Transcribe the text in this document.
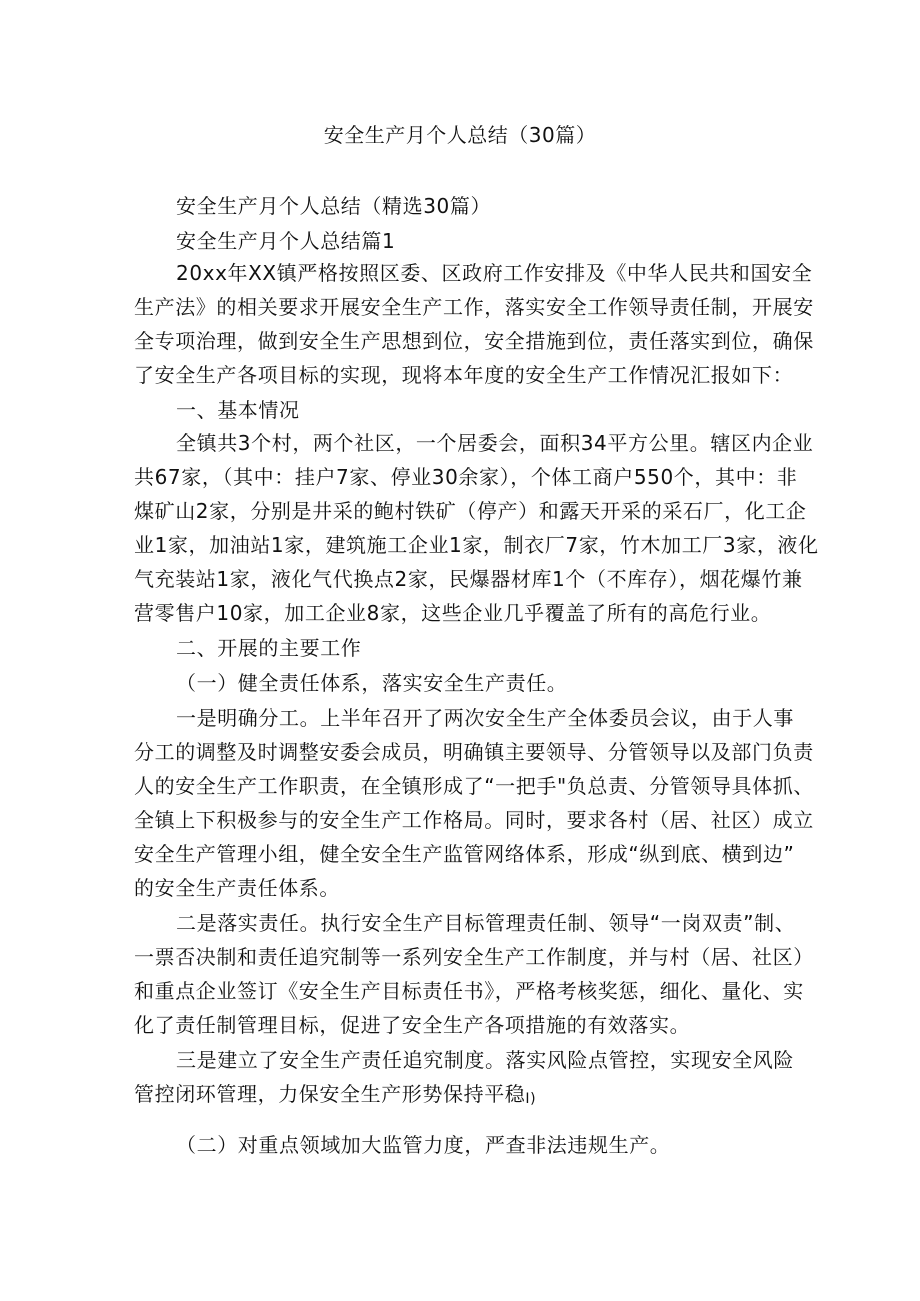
安全生产月个人总结（30篇）
安全生产月个人总结（精选30篇）
安全生产月个人总结篇1
20xx年XX镇严格按照区委、区政府工作安排及《中华人民共和国安全
生产法》的相关要求开展安全生产工作，落实安全工作领导责任制，开展安
全专项治理，做到安全生产思想到位，安全措施到位，责任落实到位，确保
了安全生产各项目标的实现，现将本年度的安全生产工作情况汇报如下：
一、基本情况
全镇共3个村，两个社区，一个居委会，面积34平方公里。辖区内企业
共67家，（其中：挂户7家、停业30余家），个体工商户550个，其中：非
煤矿山2家，分别是井采的鲍村铁矿（停产）和露天开采的采石厂，化工企
业1家，加油站1家，建筑施工企业1家，制衣厂7家，竹木加工厂3家，液化
气充装站1家，液化气代换点2家，民爆器材库1个（不库存），烟花爆竹兼
营零售户10家，加工企业8家，这些企业几乎覆盖了所有的高危行业。
二、开展的主要工作
（一）健全责任体系，落实安全生产责任。
一是明确分工。上半年召开了两次安全生产全体委员会议，由于人事
分工的调整及时调整安委会成员，明确镇主要领导、分管领导以及部门负责
人的安全生产工作职责，在全镇形成了“一把手"负总责、分管领导具体抓、
全镇上下积极参与的安全生产工作格局。同时，要求各村（居、社区）成立
安全生产管理小组，健全安全生产监管网络体系，形成“纵到底、横到边”
的安全生产责任体系。
二是落实责任。执行安全生产目标管理责任制、领导“一岗双责”制、
一票否决制和责任追究制等一系列安全生产工作制度，并与村（居、社区）
和重点企业签订《安全生产目标责任书》，严格考核奖惩，细化、量化、实
化了责任制管理目标，促进了安全生产各项措施的有效落实。
三是建立了安全生产责任追究制度。落实风险点管控，实现安全风险
管控闭环管理，力保安全生产形势保持平稳I)
（二）对重点领域加大监管力度，严查非法违规生产。
